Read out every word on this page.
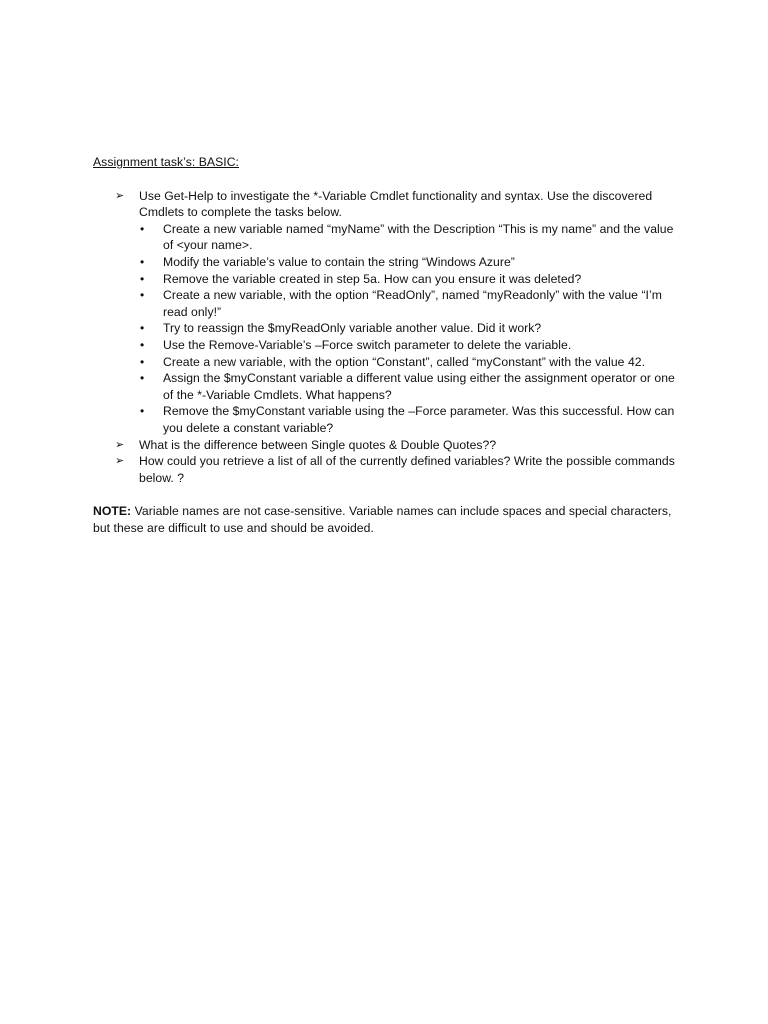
Assignment task’s: BASIC:
➢ Use Get-Help to investigate the *-Variable Cmdlet functionality and syntax. Use the discovered Cmdlets to complete the tasks below.
• Create a new variable named “myName” with the Description “This is my name” and the value of <your name>.
• Modify the variable’s value to contain the string “Windows Azure”
• Remove the variable created in step 5a. How can you ensure it was deleted?
• Create a new variable, with the option “ReadOnly”, named “myReadonly” with the value “I’m read only!”
• Try to reassign the $myReadOnly variable another value. Did it work?
• Use the Remove-Variable’s –Force switch parameter to delete the variable.
• Create a new variable, with the option “Constant”, called “myConstant” with the value 42.
• Assign the $myConstant variable a different value using either the assignment operator or one of the *-Variable Cmdlets. What happens?
• Remove the $myConstant variable using the –Force parameter. Was this successful. How can you delete a constant variable?
➢ What is the difference between Single quotes & Double Quotes??
➢ How could you retrieve a list of all of the currently defined variables? Write the possible commands below. ?
NOTE: Variable names are not case-sensitive. Variable names can include spaces and special characters, but these are difficult to use and should be avoided.
